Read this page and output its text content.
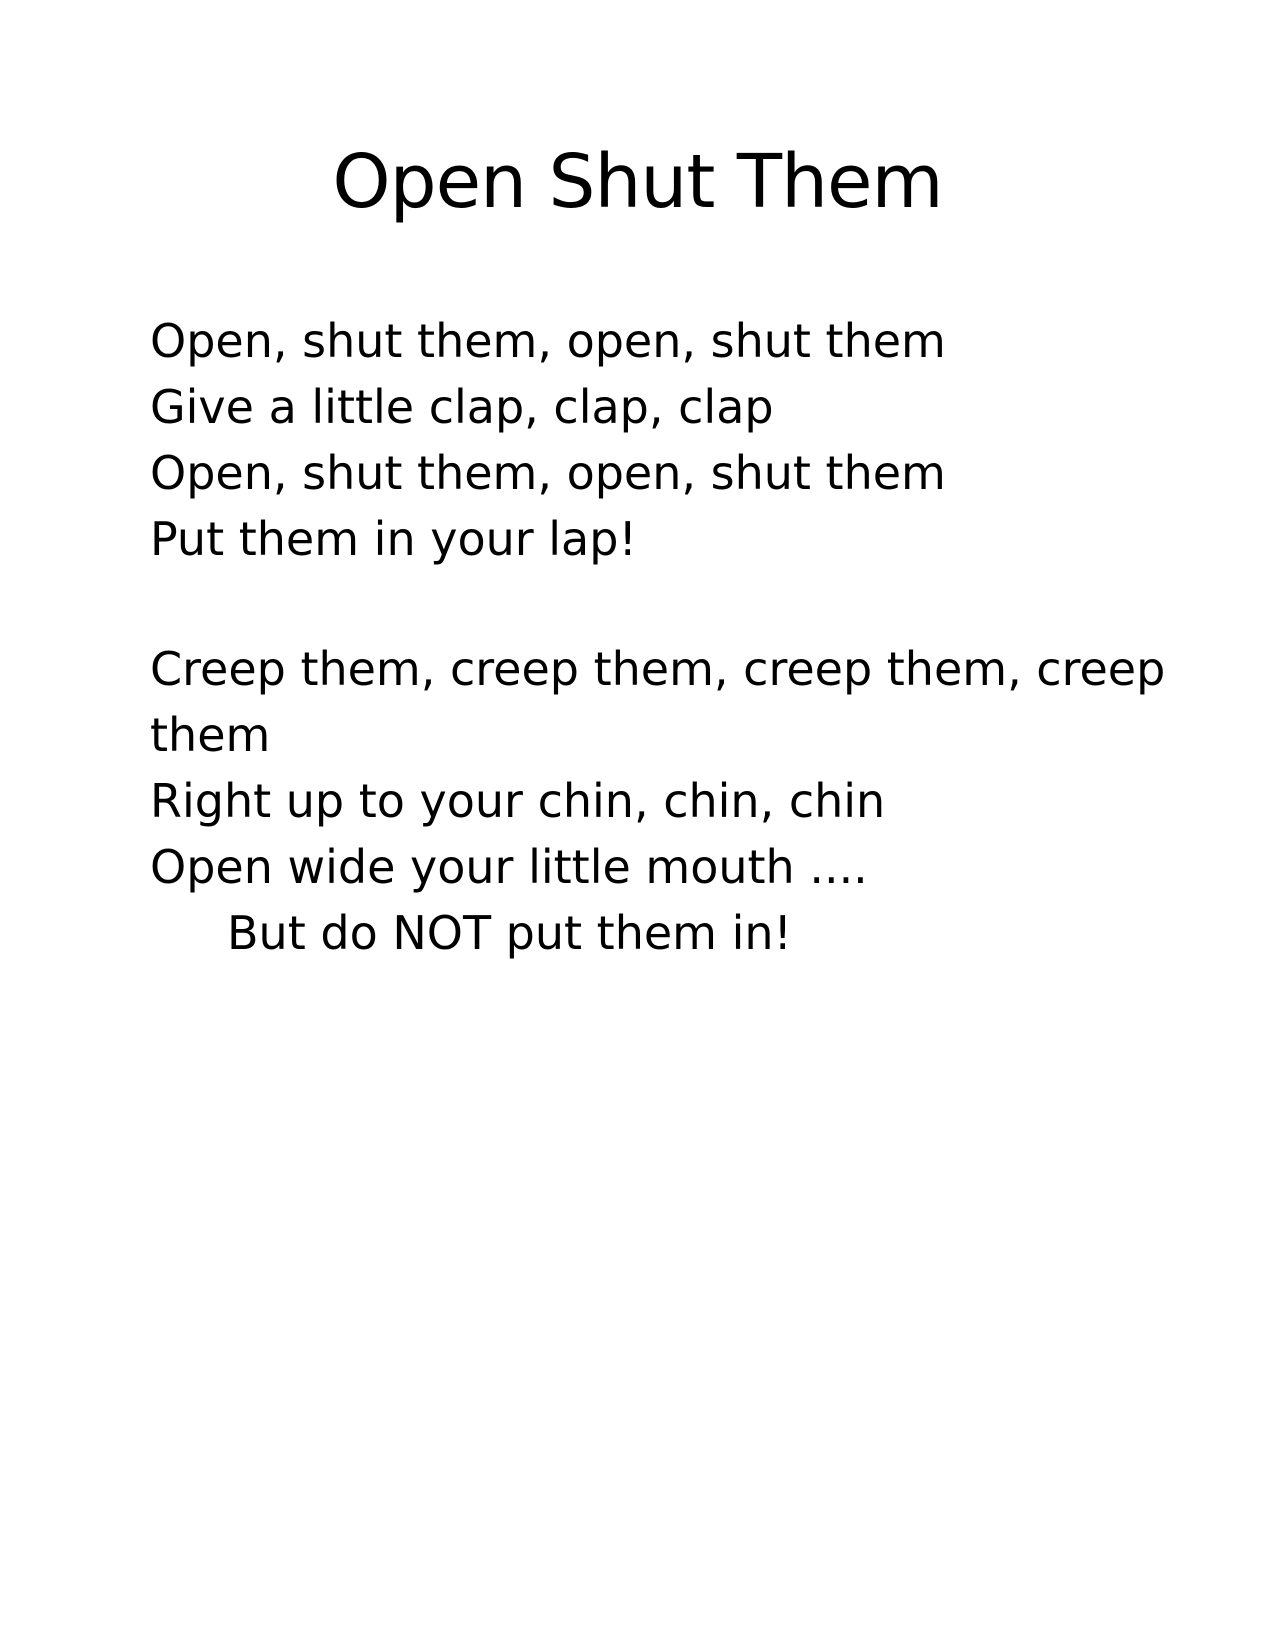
Open Shut Them
Open, shut them, open, shut them
Give a little clap, clap, clap
Open, shut them, open, shut them
Put them in your lap!
Creep them, creep them, creep them, creep
them
Right up to your chin, chin, chin
Open wide your little mouth ....
But do NOT put them in!
